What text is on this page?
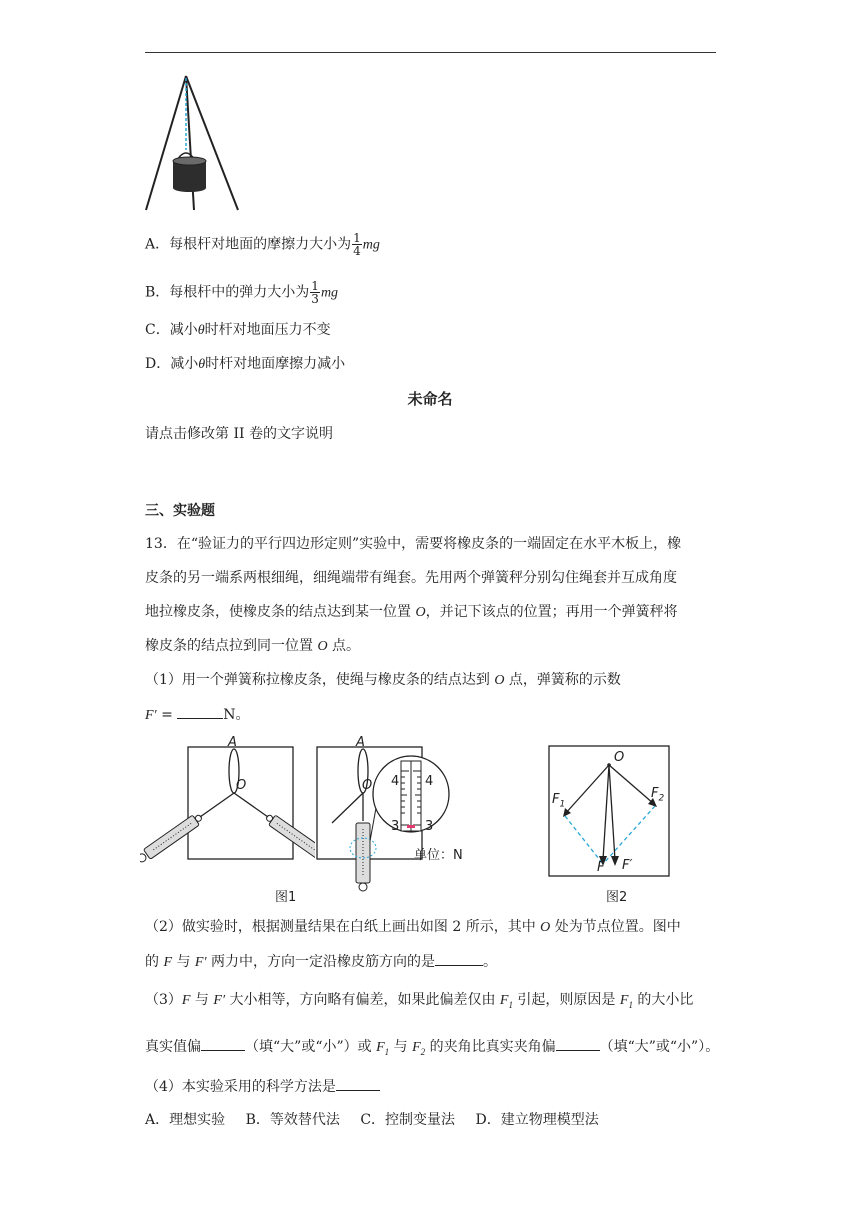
A．每根杆对地面的摩擦力大小为 $\frac{1}{4}$ mg
B．每根杆中的弹力大小为 $\frac{1}{3}$ mg
C．减小θ时杆对地面压力不变
D．减小θ时杆对地面摩擦力减小
未命名
请点击修改第 II 卷的文字说明
三、实验题
13．在“验证力的平行四边形定则”实验中，需要将橡皮条的一端固定在水平木板上，橡
皮条的另一端系两根细绳，细绳端带有绳套。先用两个弹簧秤分别勾住绳套并互成角度
地拉橡皮条，使橡皮条的结点达到某一位置 O，并记下该点的位置；再用一个弹簧秤将
橡皮条的结点拉到同一位置 O 点。
（1）用一个弹簧称拉橡皮条，使绳与橡皮条的结点达到 O 点，弹簧称的示数
F′ =	N。
A
O
A
O 4 4
3 3
单位：N
图1
O
$F_1$
$F_2$
F F′
图2
（2）做实验时，根据测量结果在白纸上画出如图 2 所示，其中 O 处为节点位置。图中
的 F 与 F′ 两力中，方向一定沿橡皮筋方向的是	。
（3）F 与 F′ 大小相等，方向略有偏差，如果此偏差仅由 $F_1$ 引起，则原因是 $F_1$ 的大小比
真实值偏	（填“大”或“小”）或 $F_1$ 与 $F_2$ 的夹角比真实夹角偏	（填“大”或“小”）。
（4）本实验采用的科学方法是
A．理想实验 B．等效替代法 C．控制变量法 D．建立物理模型法
